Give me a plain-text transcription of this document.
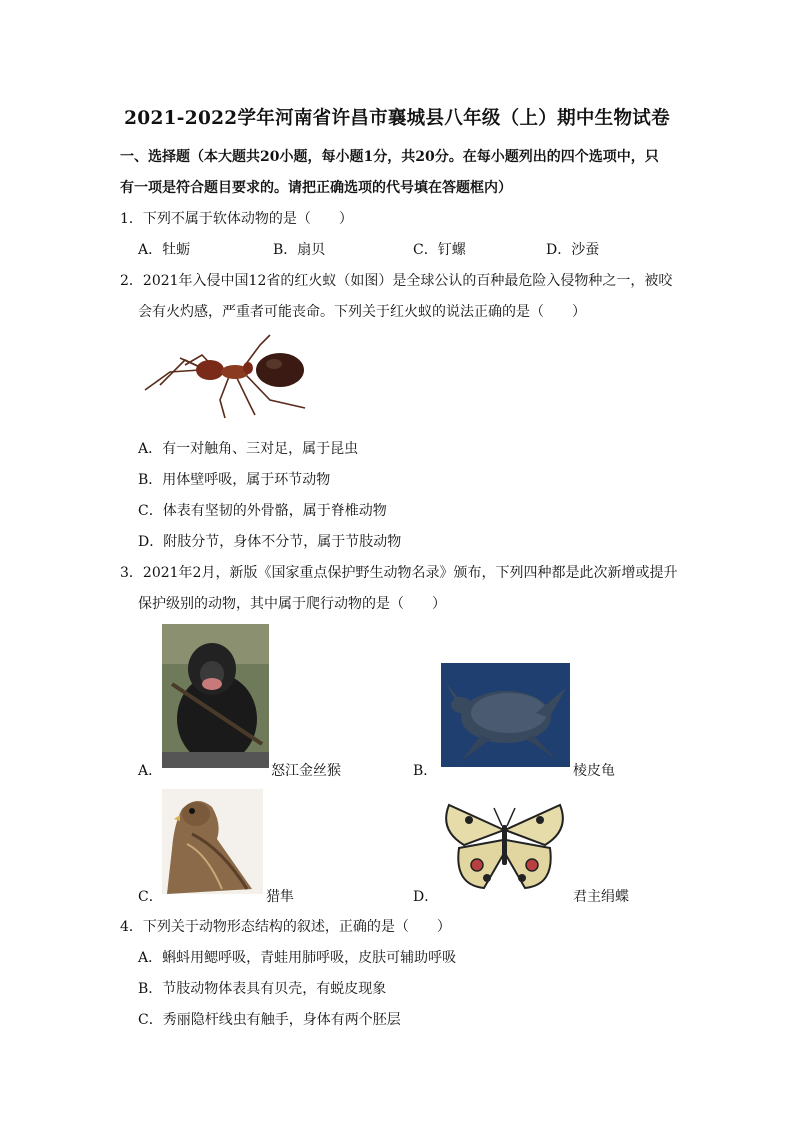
2021-2022学年河南省许昌市襄城县八年级（上）期中生物试卷
一、选择题（本大题共20小题，每小题1分，共20分。在每小题列出的四个选项中，只
有一项是符合题目要求的。请把正确选项的代号填在答题框内）
1．下列不属于软体动物的是（　　）
A．牡蛎	B．扇贝	C．钉螺	D．沙蚕
2．2021年入侵中国12省的红火蚁（如图）是全球公认的百种最危险入侵物种之一，被咬
会有火灼感，严重者可能丧命。下列关于红火蚁的说法正确的是（　　）
A．有一对触角、三对足，属于昆虫
B．用体壁呼吸，属于环节动物
C．体表有坚韧的外骨骼，属于脊椎动物
D．附肢分节，身体不分节，属于节肢动物
3．2021年2月，新版《国家重点保护野生动物名录》颁布，下列四种都是此次新增或提升
保护级别的动物，其中属于爬行动物的是（　　）
A．	怒江金丝猴	B．	棱皮龟
C．	猎隼	D．	君主绢蝶
4．下列关于动物形态结构的叙述，正确的是（　　）
A．蝌蚪用鳃呼吸，青蛙用肺呼吸，皮肤可辅助呼吸
B．节肢动物体表具有贝壳，有蜕皮现象
C．秀丽隐杆线虫有触手，身体有两个胚层
